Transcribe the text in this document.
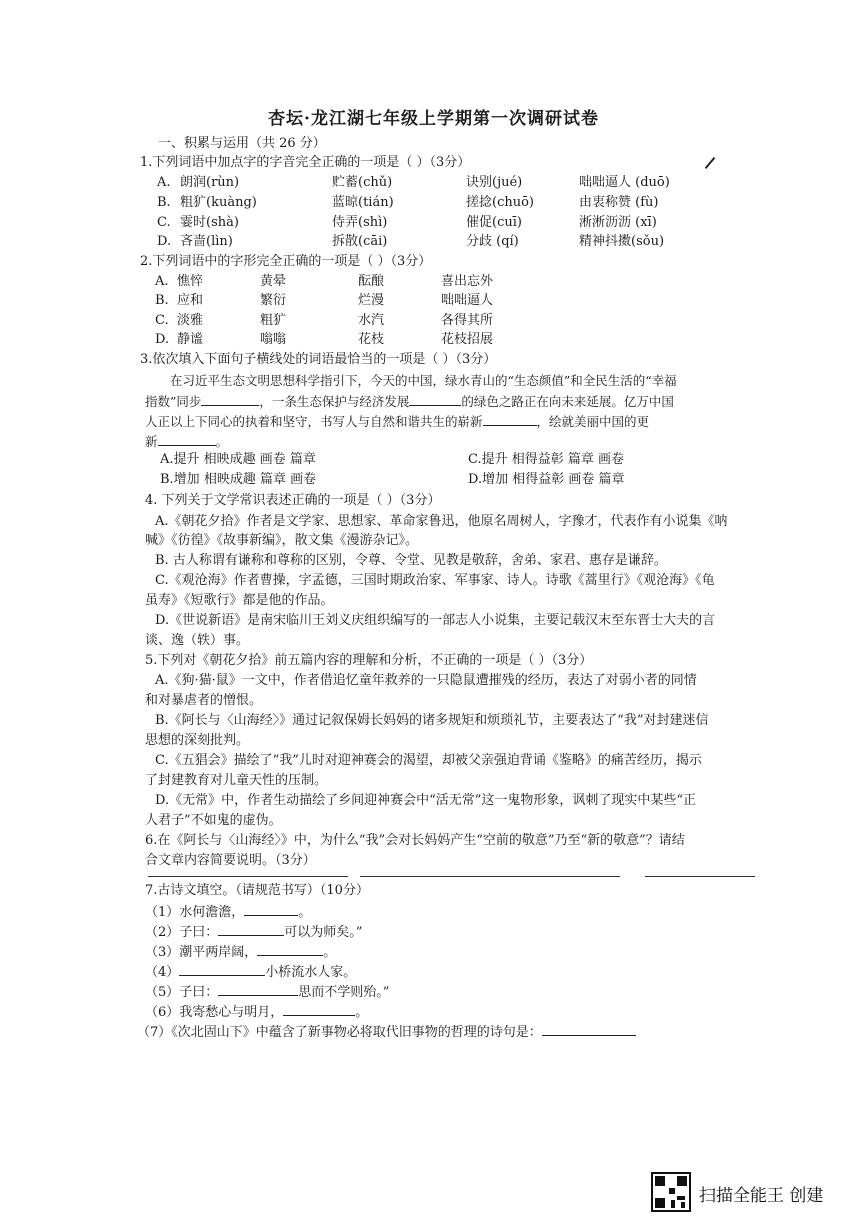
杏坛·龙江湖七年级上学期第一次调研试卷
一、积累与运用（共 26 分）
1.下列词语中加点字的字音完全正确的一项是（ ）（3分）
A. 朗润(rùn)	贮蓄(chǔ)	诀别(jué)	咄咄逼人 (duō)
B. 粗犷(kuàng)	蓝晾(tián)	搓捻(chuō)	由衷称赞 (fù)
C. 霎时(shà)	侍弄(shì)	催促(cuī)	淅淅沥沥 (xī)
D. 吝啬(lìn)	拆散(cāi)	分歧 (qí)	精神抖擞(sǒu)
2.下列词语中的字形完全正确的一项是（ ）（3分）
A. 憔悴	黄晕	酝酿	喜出忘外
B. 应和	繁衍	烂漫	咄咄逼人
C. 淡雅	粗犷	水汽	各得其所
D. 静谧	嗡嗡	花枝	花枝招展
3.依次填入下面句子横线处的词语最恰当的一项是（ ）（3分）
在习近平生态文明思想科学指引下，今天的中国，绿水青山的“生态颜值”和全民生活的“幸福
指数”同步	，一条生态保护与经济发展	的绿色之路正在向未来延展。亿万中国
人正以上下同心的执着和坚守，书写人与自然和谐共生的崭新	，绘就美丽中国的更
新	。
A.提升 相映成趣 画卷 篇章	C.提升 相得益彰 篇章 画卷
B.增加 相映成趣 篇章 画卷	D.增加 相得益彰 画卷 篇章
4. 下列关于文学常识表述正确的一项是（ ）（3分）
A.《朝花夕拾》作者是文学家、思想家、革命家鲁迅，他原名周树人，字豫才，代表作有小说集《呐
喊》《彷徨》《故事新编》，散文集《漫游杂记》。
B. 古人称谓有谦称和尊称的区别，令尊、令堂、见教是敬辞，舍弟、家君、惠存是谦辞。
C.《观沧海》作者曹操，字孟德，三国时期政治家、军事家、诗人。诗歌《蒿里行》《观沧海》《龟
虽寿》《短歌行》都是他的作品。
D.《世说新语》是南宋临川王刘义庆组织编写的一部志人小说集，主要记载汉末至东晋士大夫的言
谈、逸（轶）事。
5.下列对《朝花夕拾》前五篇内容的理解和分析，不正确的一项是（ ）（3分）
A.《狗·猫·鼠》一文中，作者借追忆童年救养的一只隐鼠遭摧残的经历，表达了对弱小者的同情
和对暴虐者的憎恨。
B.《阿长与〈山海经〉》通过记叙保姆长妈妈的诸多规矩和烦琐礼节，主要表达了“我”对封建迷信
思想的深刻批判。
C.《五猖会》描绘了“我”儿时对迎神赛会的渴望，却被父亲强迫背诵《鉴略》的痛苦经历，揭示
了封建教育对儿童天性的压制。
D.《无常》中，作者生动描绘了乡间迎神赛会中“活无常”这一鬼物形象，讽刺了现实中某些“正
人君子”不如鬼的虚伪。
6.在《阿长与〈山海经〉》中，为什么“我”会对长妈妈产生“空前的敬意”乃至“新的敬意”？请结
合文章内容简要说明。（3分）
7.古诗文填空。（请规范书写）（10分）
（1）水何澹澹，	。
（2）子曰：	可以为师矣。”
（3）潮平两岸阔，	。
（4）	小桥流水人家。
（5）子曰：	思而不学则殆。”
（6）我寄愁心与明月，	。
（7）《次北固山下》中蕴含了新事物必将取代旧事物的哲理的诗句是：
扫描全能王 创建
